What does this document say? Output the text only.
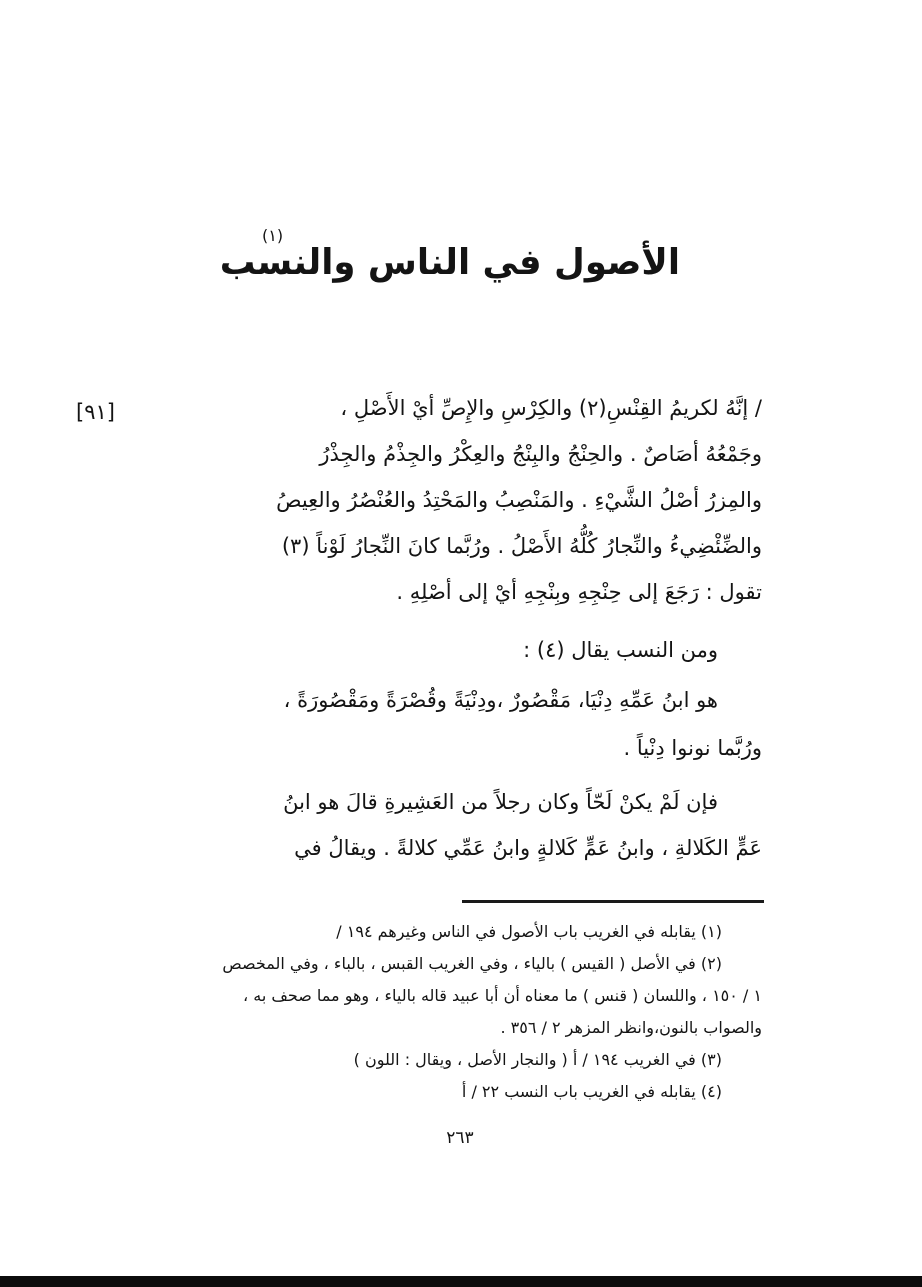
الأصول في الناس والنسب
(١)
[٩١]	/ إنَّهُ لكريمُ القِنْسِ(٢) والكِرْسِ والإِصِّ أيْ الأَصْلِ ،
وجَمْعُهُ أصَاصٌ . والحِنْجُ والبِنْجُ والعِكْرُ والجِذْمُ والجِذْرُ
والمِزرُ أصْلُ الشَّيْءِ . والمَنْصِبُ والمَحْتِدُ والعُنْصُرُ والعِيصُ
والضِّئْضِيءُ والنِّجارُ كُلُّهُ الأَصْلُ . ورُبَّما كانَ النِّجارُ لَوْناً (٣)
تقول : رَجَعَ إلى حِنْجِهِ وبِنْجِهِ أيْ إلى أصْلِهِ .
ومن النسب يقال (٤) :
هو ابنُ عَمِّهِ دِنْيَا، مَقْصُورٌ ،ودِنْيَةً وقُصْرَةً ومَقْصُورَةً ،
ورُبَّما نونوا دِنْياً .
فإن لَمْ يكنْ لَحّاً وكان رجلاً من العَشِيرةِ قالَ هو ابنُ
عَمٍّ الكَلالةِ ، وابنُ عَمٍّ كَلالةٍ وابنُ عَمِّي كلالةً . ويقالُ في
(١) يقابله في الغريب باب الأصول في الناس وغيرهم ١٩٤ /
(٢) في الأصل ( القيس ) بالياء ، وفي الغريب القبس ، بالباء ، وفي المخصص
١ / ١٥٠ ، واللسان ( قنس ) ما معناه أن أبا عبيد قاله بالياء ، وهو مما صحف به ،
والصواب بالنون،وانظر المزهر ٢ / ٣٥٦ .
(٣) في الغريب ١٩٤ / أ ( والنجار الأصل ، ويقال : اللون )
(٤) يقابله في الغريب باب النسب ٢٢ / أ
٢٦٣
